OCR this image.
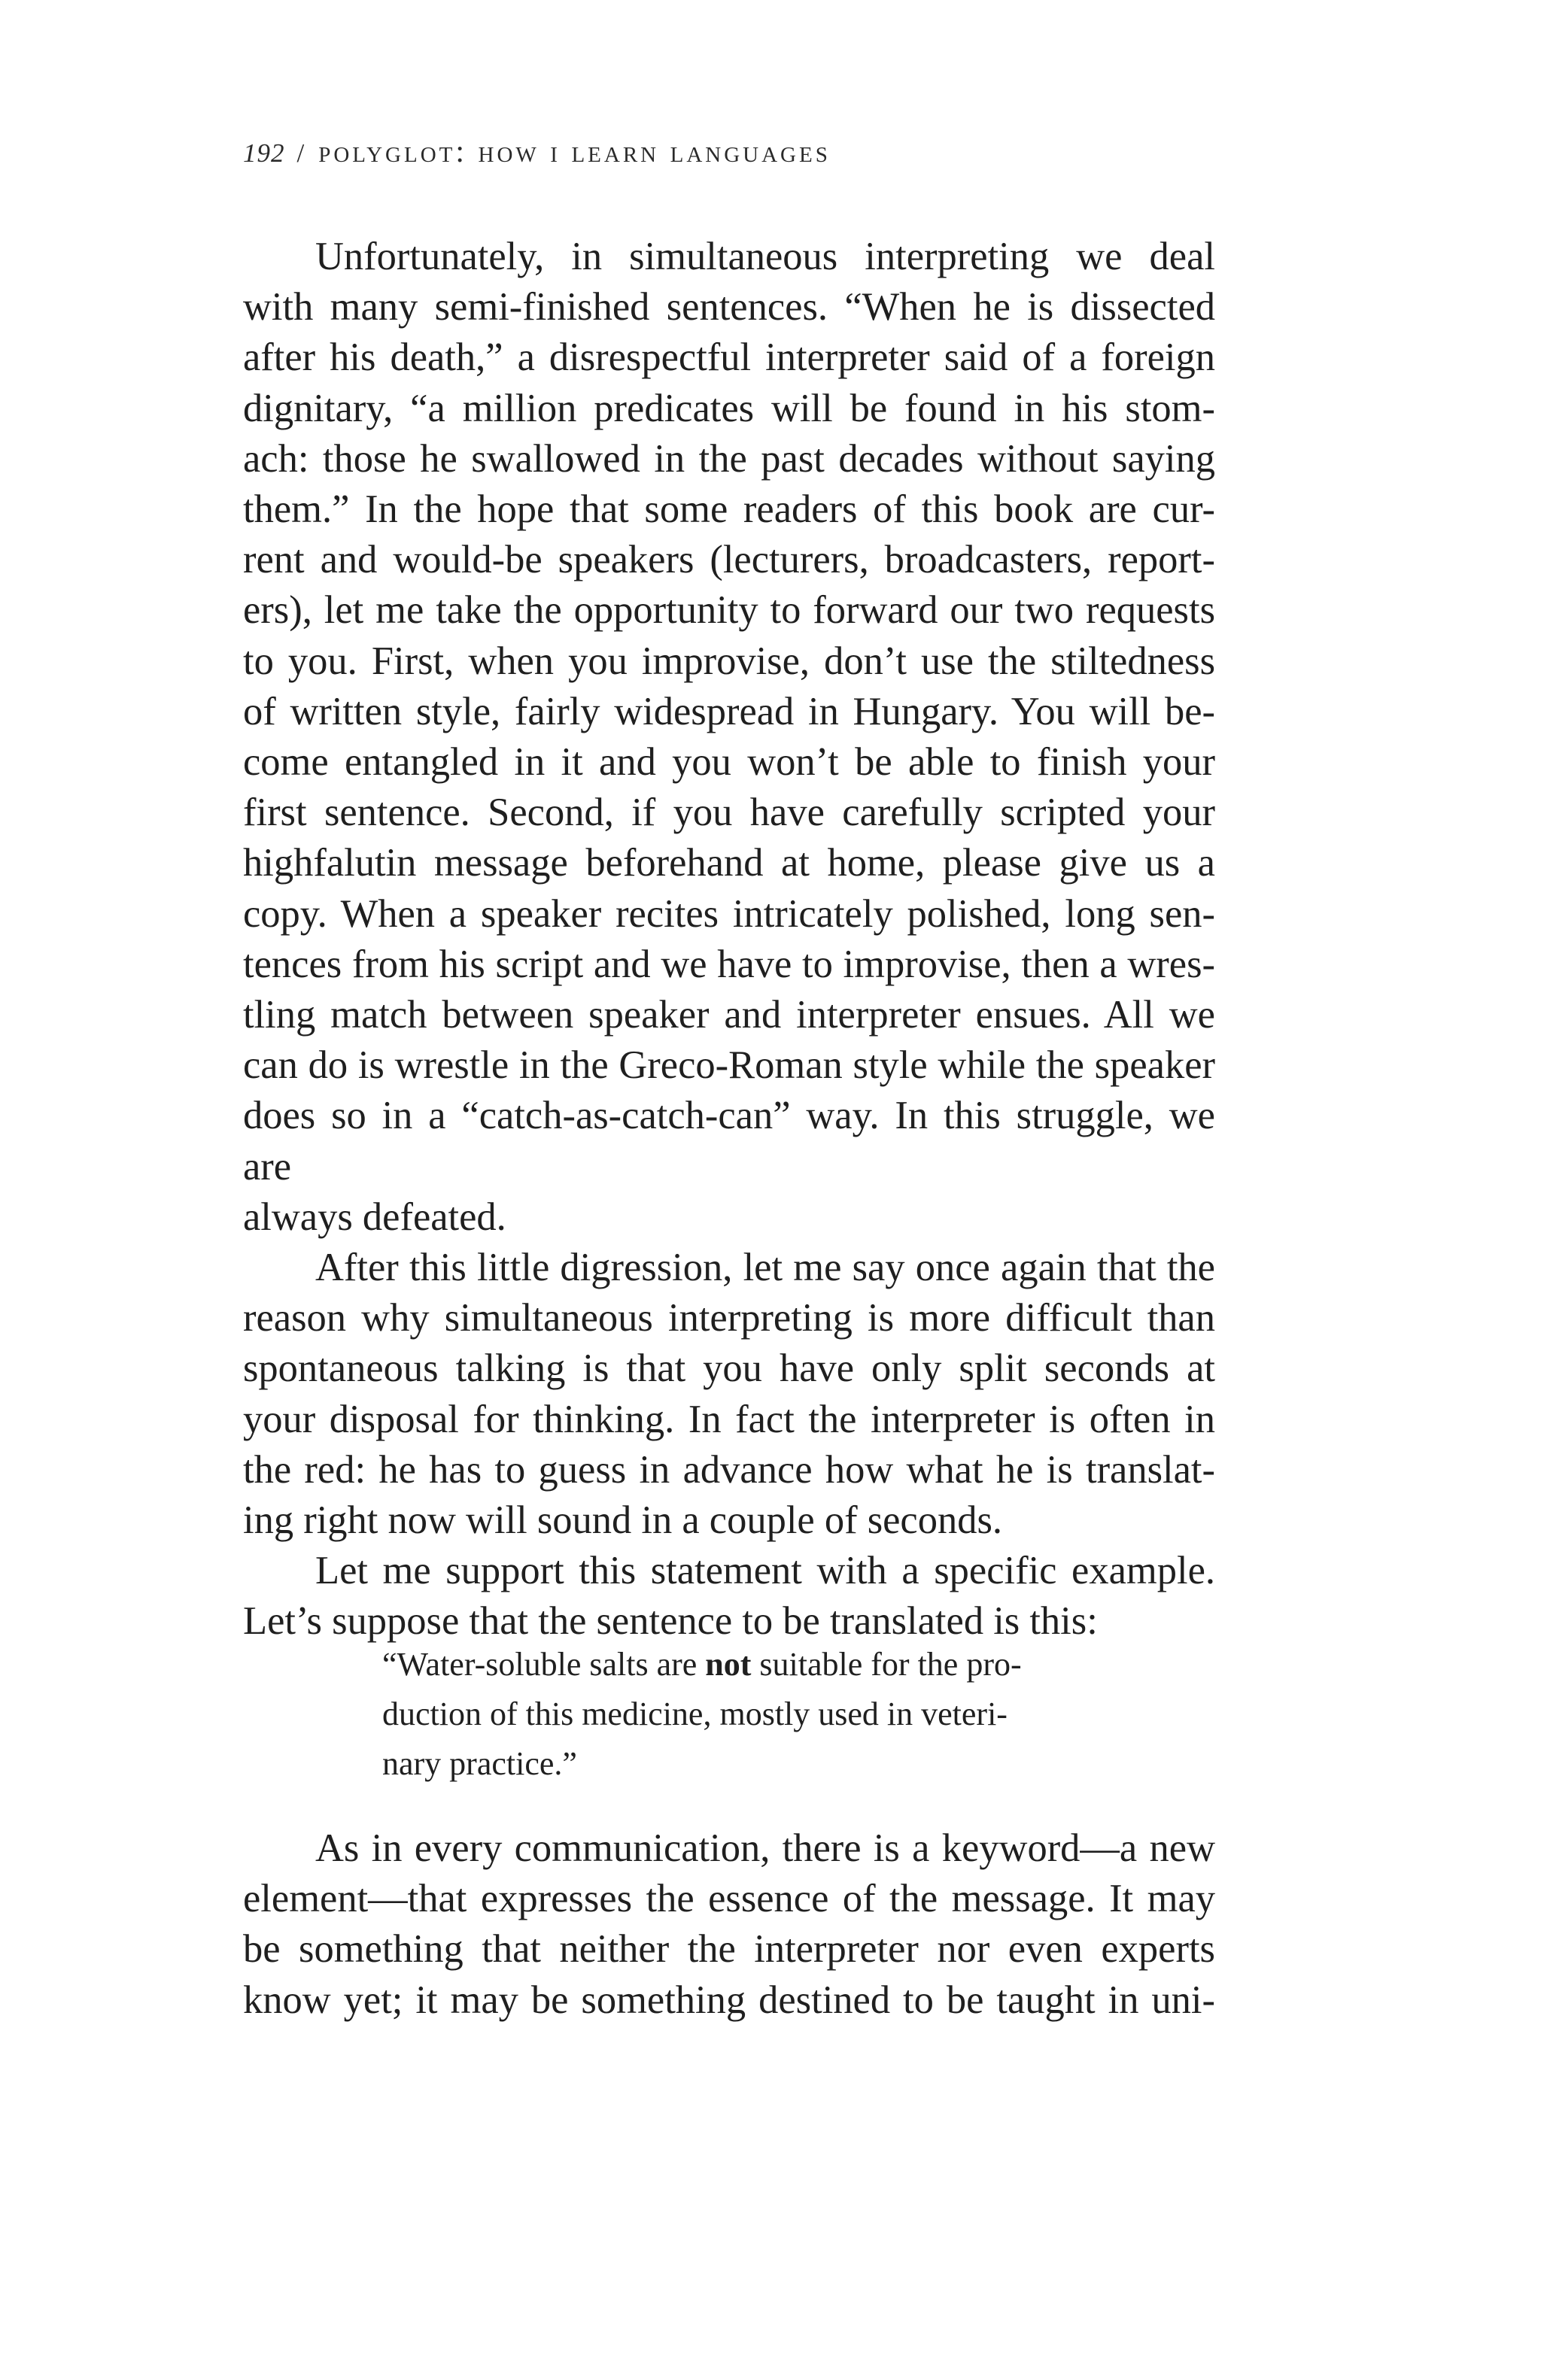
192 / polyglot: how i learn languages

Unfortunately, in simultaneous interpreting we deal
with many semi-finished sentences. “When he is dissected
after his death,” a disrespectful interpreter said of a foreign
dignitary, “a million predicates will be found in his stom-
ach: those he swallowed in the past decades without saying
them.” In the hope that some readers of this book are cur-
rent and would-be speakers (lecturers, broadcasters, report-
ers), let me take the opportunity to forward our two requests
to you. First, when you improvise, don’t use the stiltedness
of written style, fairly widespread in Hungary. You will be-
come entangled in it and you won’t be able to finish your
first sentence. Second, if you have carefully scripted your
highfalutin message beforehand at home, please give us a
copy. When a speaker recites intricately polished, long sen-
tences from his script and we have to improvise, then a wres-
tling match between speaker and interpreter ensues. All we
can do is wrestle in the Greco-Roman style while the speaker
does so in a “catch-as-catch-can” way. In this struggle, we are
always defeated.

After this little digression, let me say once again that the
reason why simultaneous interpreting is more difficult than
spontaneous talking is that you have only split seconds at
your disposal for thinking. In fact the interpreter is often in
the red: he has to guess in advance how what he is translat-
ing right now will sound in a couple of seconds.

Let me support this statement with a specific example.
Let’s suppose that the sentence to be translated is this:

“Water-soluble salts are not suitable for the pro-
duction of this medicine, mostly used in veteri-
nary practice.”

As in every communication, there is a keyword—a new
element—that expresses the essence of the message. It may
be something that neither the interpreter nor even experts
know yet; it may be something destined to be taught in uni-
